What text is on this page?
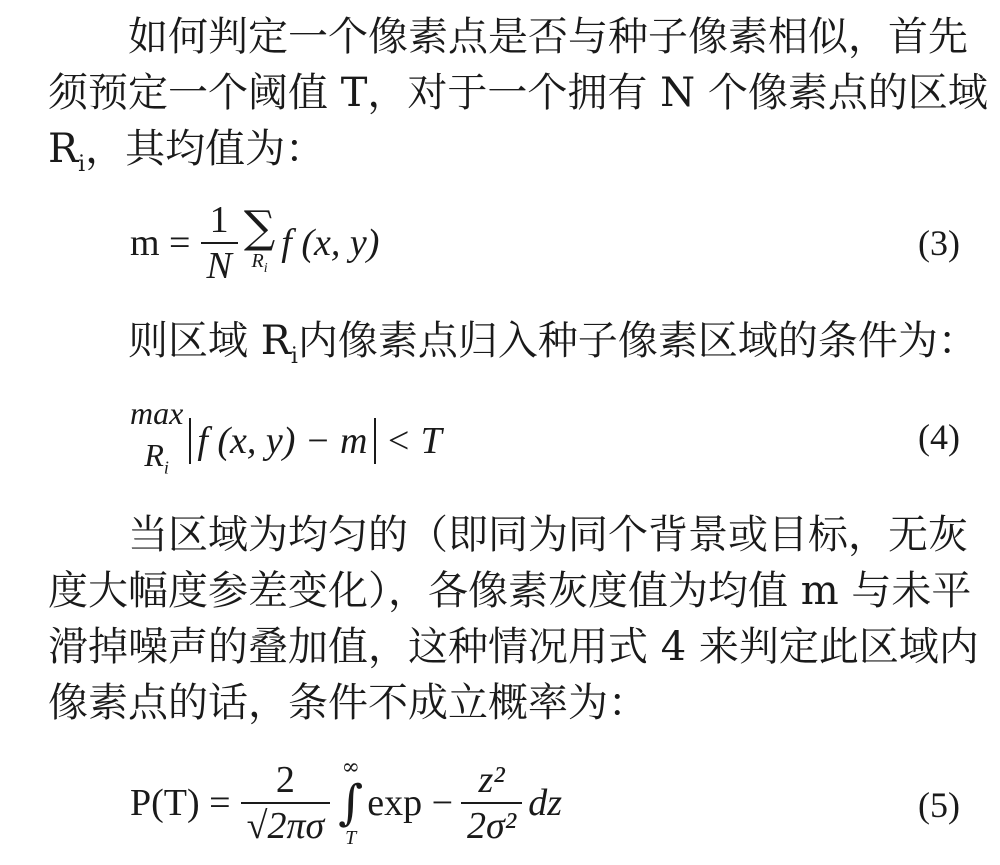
如何判定一个像素点是否与种子像素相似，首先
须预定一个阈值 T，对于一个拥有 N 个像素点的区域
$R_i$，其均值为：
$m = \frac{1}{N}$ ∑
$R_i$
f (x, y)	(3)
则区域 $R_i$内像素点归入种子像素区域的条件为：
max
$R_i$
f (x, y) − m < T	(4)
当区域为均匀的（即同为同个背景或目标，无灰
度大幅度参差变化），各像素灰度值为均值 m 与未平
滑掉噪声的叠加值，这种情况用式 4 来判定此区域内
像素点的话，条件不成立概率为：
$P(T) = \frac{2}{√2\pi\sigma}$ ∞
∫
T
$\exp - \frac{\text{z²}}{\text{2σ²}}$ dz	(5)
